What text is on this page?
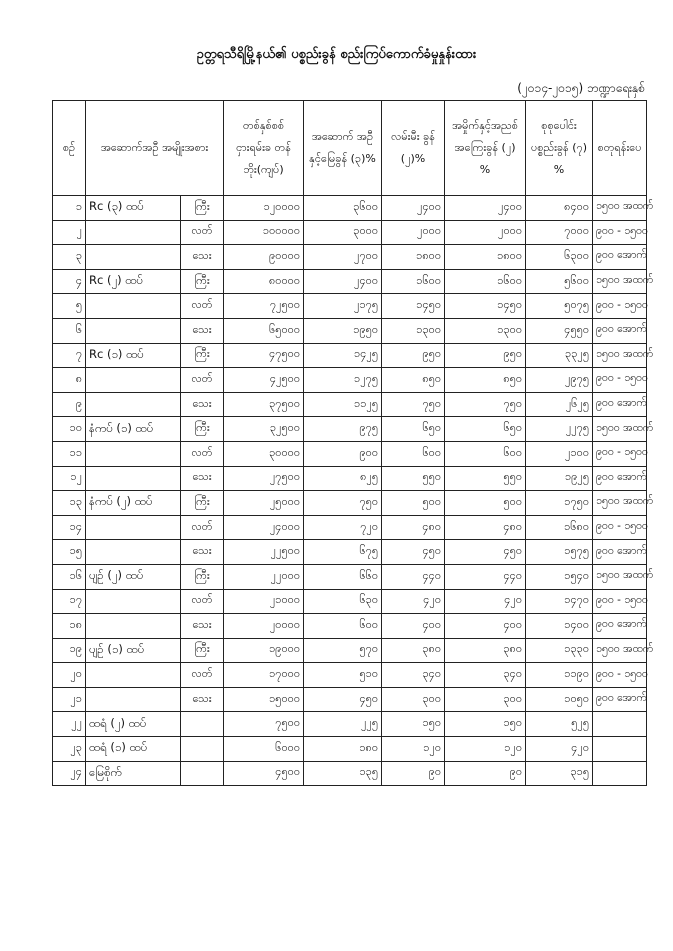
ဥတ္တရသီရိမြို့နယ်၏ ပစ္စည်းခွန် စည်းကြပ်ကောက်ခံမှုနှုန်းထား
(၂၀၁၄-၂၀၁၅) ဘဏ္ဍာရေးနှစ်
စဉ်	အဆောက်အဦ အမျိုးအစား		တစ်နှစ်စစ် ငှားရမ်းခ တန်ဘိုး(ကျပ်)	အဆောက် အဦနှင့်မြေခွန် (၃)%	လမ်းမီး ခွန် (၂)%	အမှိုက်နှင့်အညစ် အကြေးခွန် (၂) %	စုစုပေါင်း ပစ္စည်းခွန် (၇) %	စတုရန်းပေ
၁	Rc (၃) ထပ်	ကြီး	၁၂၀၀၀၀	၃၆၀၀	၂၄၀၀	၂၄၀၀	၈၄၀၀	၁၅၀၀ အထက်
၂		လတ်	၁၀၀၀၀၀	၃၀၀၀	၂၀၀၀	၂၀၀၀	၇၀၀၀	၉၀၀ - ၁၅၀၀
၃		သေး	၉၀၀၀၀	၂၇၀၀	၁၈၀၀	၁၈၀၀	၆၃၀၀	၉၀၀ အောက်
၄	Rc (၂) ထပ်	ကြီး	၈၀၀၀၀	၂၄၀၀	၁၆၀၀	၁၆၀၀	၅၆၀၀	၁၅၀၀ အထက်
၅		လတ်	၇၂၅၀၀	၂၁၇၅	၁၄၅၀	၁၄၅၀	၅၀၇၅	၉၀၀ - ၁၅၀၀
၆		သေး	၆၅၀၀၀	၁၉၅၀	၁၃၀၀	၁၃၀၀	၄၅၅၀	၉၀၀ အောက်
၇	Rc (၁) ထပ်	ကြီး	၄၇၅၀၀	၁၄၂၅	၉၅၀	၉၅၀	၃၃၂၅	၁၅၀၀ အထက်
၈		လတ်	၄၂၅၀၀	၁၂၇၅	၈၅၀	၈၅၀	၂၉၇၅	၉၀၀ - ၁၅၀၀
၉		သေး	၃၇၅၀၀	၁၁၂၅	၇၅၀	၇၅၀	၂၆၂၅	၉၀၀ အောက်
၁၀	နံကပ် (၁) ထပ်	ကြီး	၃၂၅၀၀	၉၇၅	၆၅၀	၆၅၀	၂၂၇၅	၁၅၀၀ အထက်
၁၁		လတ်	၃၀၀၀၀	၉၀၀	၆၀၀	၆၀၀	၂၁၀၀	၉၀၀ - ၁၅၀၀
၁၂		သေး	၂၇၅၀၀	၈၂၅	၅၅၀	၅၅၀	၁၉၂၅	၉၀၀ အောက်
၁၃	နံကပ် (၂) ထပ်	ကြီး	၂၅၀၀၀	၇၅၀	၅၀၀	၅၀၀	၁၇၅၀	၁၅၀၀ အထက်
၁၄		လတ်	၂၄၀၀၀	၇၂၀	၄၈၀	၄၈၀	၁၆၈၀	၉၀၀ - ၁၅၀၀
၁၅		သေး	၂၂၅၀၀	၆၇၅	၄၅၀	၄၅၀	၁၅၇၅	၉၀၀ အောက်
၁၆	ပျဉ် (၂) ထပ်	ကြီး	၂၂၀၀၀	၆၆၀	၄၄၀	၄၄၀	၁၅၄၀	၁၅၀၀ အထက်
၁၇		လတ်	၂၁၀၀၀	၆၃၀	၄၂၀	၄၂၀	၁၄၇၀	၉၀၀ - ၁၅၀၀
၁၈		သေး	၂၀၀၀၀	၆၀၀	၄၀၀	၄၀၀	၁၄၀၀	၉၀၀ အောက်
၁၉	ပျဉ် (၁) ထပ်	ကြီး	၁၉၀၀၀	၅၇၀	၃၈၀	၃၈၀	၁၃၃၀	၁၅၀၀ အထက်
၂၀		လတ်	၁၇၀၀၀	၅၁၀	၃၄၀	၃၄၀	၁၁၉၀	၉၀၀ - ၁၅၀၀
၂၁		သေး	၁၅၀၀၀	၄၅၀	၃၀၀	၃၀၀	၁၀၅၀	၉၀၀ အောက်
၂၂	ထရံ (၂) ထပ်		၇၅၀၀	၂၂၅	၁၅၀	၁၅၀	၅၂၅	
၂၃	ထရံ (၁) ထပ်		၆၀၀၀	၁၈၀	၁၂၀	၁၂၀	၄၂၀	
၂၄	မြေစိုက်		၄၅၀၀	၁၃၅	၉၀	၉၀	၃၁၅	
